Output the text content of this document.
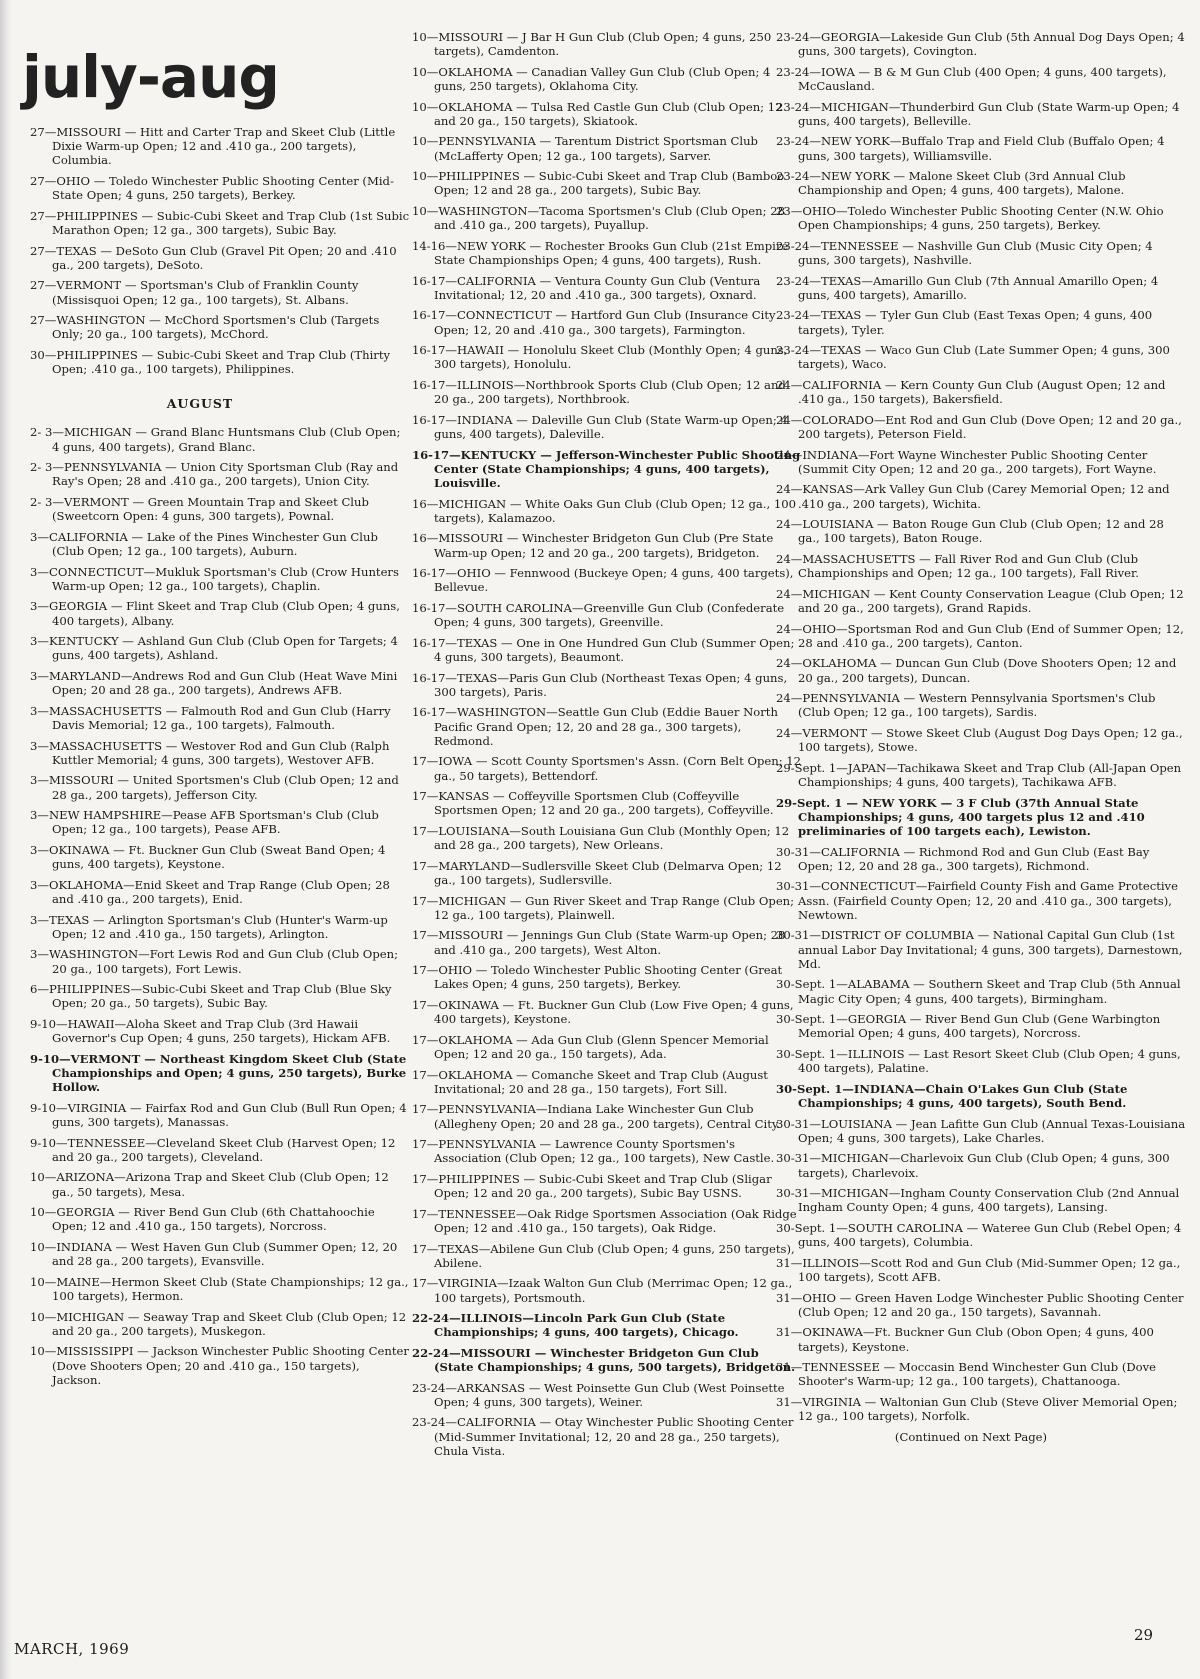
july-aug
27—MISSOURI — Hitt and Carter Trap and Skeet Club (Little Dixie Warm-up Open; 12 and .410 ga., 200 targets), Columbia.
27—OHIO — Toledo Winchester Public Shooting Center (Mid-State Open; 4 guns, 250 targets), Berkey.
27—PHILIPPINES — Subic-Cubi Skeet and Trap Club (1st Subic Marathon Open; 12 ga., 300 targets), Subic Bay.
27—TEXAS — DeSoto Gun Club (Gravel Pit Open; 20 and .410 ga., 200 targets), DeSoto.
27—VERMONT — Sportsman's Club of Franklin County (Missisquoi Open; 12 ga., 100 targets), St. Albans.
27—WASHINGTON — McChord Sportsmen's Club (Targets Only; 20 ga., 100 targets), McChord.
30—PHILIPPINES — Subic-Cubi Skeet and Trap Club (Thirty Open; .410 ga., 100 targets), Philippines.
AUGUST
2- 3—MICHIGAN — Grand Blanc Huntsmans Club (Club Open; 4 guns, 400 targets), Grand Blanc.
2- 3—PENNSYLVANIA — Union City Sportsman Club (Ray and Ray's Open; 28 and .410 ga., 200 targets), Union City.
2- 3—VERMONT — Green Mountain Trap and Skeet Club (Sweetcorn Open: 4 guns, 300 targets), Pownal.
3—CALIFORNIA — Lake of the Pines Winchester Gun Club (Club Open; 12 ga., 100 targets), Auburn.
3—CONNECTICUT—Mukluk Sportsman's Club (Crow Hunters Warm-up Open; 12 ga., 100 targets), Chaplin.
3—GEORGIA — Flint Skeet and Trap Club (Club Open; 4 guns, 400 targets), Albany.
3—KENTUCKY — Ashland Gun Club (Club Open for Targets; 4 guns, 400 targets), Ashland.
3—MARYLAND—Andrews Rod and Gun Club (Heat Wave Mini Open; 20 and 28 ga., 200 targets), Andrews AFB.
3—MASSACHUSETTS — Falmouth Rod and Gun Club (Harry Davis Memorial; 12 ga., 100 targets), Falmouth.
3—MASSACHUSETTS — Westover Rod and Gun Club (Ralph Kuttler Memorial; 4 guns, 300 targets), Westover AFB.
3—MISSOURI — United Sportsmen's Club (Club Open; 12 and 28 ga., 200 targets), Jefferson City.
3—NEW HAMPSHIRE—Pease AFB Sportsman's Club (Club Open; 12 ga., 100 targets), Pease AFB.
3—OKINAWA — Ft. Buckner Gun Club (Sweat Band Open; 4 guns, 400 targets), Keystone.
3—OKLAHOMA—Enid Skeet and Trap Range (Club Open; 28 and .410 ga., 200 targets), Enid.
3—TEXAS — Arlington Sportsman's Club (Hunter's Warm-up Open; 12 and .410 ga., 150 targets), Arlington.
3—WASHINGTON—Fort Lewis Rod and Gun Club (Club Open; 20 ga., 100 targets), Fort Lewis.
6—PHILIPPINES—Subic-Cubi Skeet and Trap Club (Blue Sky Open; 20 ga., 50 targets), Subic Bay.
9-10—HAWAII—Aloha Skeet and Trap Club (3rd Hawaii Governor's Cup Open; 4 guns, 250 targets), Hickam AFB.
9-10—VERMONT — Northeast Kingdom Skeet Club (State Championships and Open; 4 guns, 250 targets), Burke Hollow.
9-10—VIRGINIA — Fairfax Rod and Gun Club (Bull Run Open; 4 guns, 300 targets), Manassas.
9-10—TENNESSEE—Cleveland Skeet Club (Harvest Open; 12 and 20 ga., 200 targets), Cleveland.
10—ARIZONA—Arizona Trap and Skeet Club (Club Open; 12 ga., 50 targets), Mesa.
10—GEORGIA — River Bend Gun Club (6th Chattahoochie Open; 12 and .410 ga., 150 targets), Norcross.
10—INDIANA — West Haven Gun Club (Summer Open; 12, 20 and 28 ga., 200 targets), Evansville.
10—MAINE—Hermon Skeet Club (State Championships; 12 ga., 100 targets), Hermon.
10—MICHIGAN — Seaway Trap and Skeet Club (Club Open; 12 and 20 ga., 200 targets), Muskegon.
10—MISSISSIPPI — Jackson Winchester Public Shooting Center (Dove Shooters Open; 20 and .410 ga., 150 targets), Jackson.
10—MISSOURI — J Bar H Gun Club (Club Open; 4 guns, 250 targets), Camdenton.
10—OKLAHOMA — Canadian Valley Gun Club (Club Open; 4 guns, 250 targets), Oklahoma City.
10—OKLAHOMA — Tulsa Red Castle Gun Club (Club Open; 12 and 20 ga., 150 targets), Skiatook.
10—PENNSYLVANIA — Tarentum District Sportsman Club (McLafferty Open; 12 ga., 100 targets), Sarver.
10—PHILIPPINES — Subic-Cubi Skeet and Trap Club (Bamboo Open; 12 and 28 ga., 200 targets), Subic Bay.
10—WASHINGTON—Tacoma Sportsmen's Club (Club Open; 28 and .410 ga., 200 targets), Puyallup.
14-16—NEW YORK — Rochester Brooks Gun Club (21st Empire State Championships Open; 4 guns, 400 targets), Rush.
16-17—CALIFORNIA — Ventura County Gun Club (Ventura Invitational; 12, 20 and .410 ga., 300 targets), Oxnard.
16-17—CONNECTICUT — Hartford Gun Club (Insurance City Open; 12, 20 and .410 ga., 300 targets), Farmington.
16-17—HAWAII — Honolulu Skeet Club (Monthly Open; 4 guns, 300 targets), Honolulu.
16-17—ILLINOIS—Northbrook Sports Club (Club Open; 12 and 20 ga., 200 targets), Northbrook.
16-17—INDIANA — Daleville Gun Club (State Warm-up Open; 4 guns, 400 targets), Daleville.
16-17—KENTUCKY — Jefferson-Winchester Public Shooting Center (State Championships; 4 guns, 400 targets), Louisville.
16—MICHIGAN — White Oaks Gun Club (Club Open; 12 ga., 100 targets), Kalamazoo.
16—MISSOURI — Winchester Bridgeton Gun Club (Pre State Warm-up Open; 12 and 20 ga., 200 targets), Bridgeton.
16-17—OHIO — Fennwood (Buckeye Open; 4 guns, 400 targets), Bellevue.
16-17—SOUTH CAROLINA—Greenville Gun Club (Confederate Open; 4 guns, 300 targets), Greenville.
16-17—TEXAS — One in One Hundred Gun Club (Summer Open; 4 guns, 300 targets), Beaumont.
16-17—TEXAS—Paris Gun Club (Northeast Texas Open; 4 guns, 300 targets), Paris.
16-17—WASHINGTON—Seattle Gun Club (Eddie Bauer North Pacific Grand Open; 12, 20 and 28 ga., 300 targets), Redmond.
17—IOWA — Scott County Sportsmen's Assn. (Corn Belt Open; 12 ga., 50 targets), Bettendorf.
17—KANSAS — Coffeyville Sportsmen Club (Coffeyville Sportsmen Open; 12 and 20 ga., 200 targets), Coffeyville.
17—LOUISIANA—South Louisiana Gun Club (Monthly Open; 12 and 28 ga., 200 targets), New Orleans.
17—MARYLAND—Sudlersville Skeet Club (Delmarva Open; 12 ga., 100 targets), Sudlersville.
17—MICHIGAN — Gun River Skeet and Trap Range (Club Open; 12 ga., 100 targets), Plainwell.
17—MISSOURI — Jennings Gun Club (State Warm-up Open; 28 and .410 ga., 200 targets), West Alton.
17—OHIO — Toledo Winchester Public Shooting Center (Great Lakes Open; 4 guns, 250 targets), Berkey.
17—OKINAWA — Ft. Buckner Gun Club (Low Five Open; 4 guns, 400 targets), Keystone.
17—OKLAHOMA — Ada Gun Club (Glenn Spencer Memorial Open; 12 and 20 ga., 150 targets), Ada.
17—OKLAHOMA — Comanche Skeet and Trap Club (August Invitational; 20 and 28 ga., 150 targets), Fort Sill.
17—PENNSYLVANIA—Indiana Lake Winchester Gun Club (Allegheny Open; 20 and 28 ga., 200 targets), Central City.
17—PENNSYLVANIA — Lawrence County Sportsmen's Association (Club Open; 12 ga., 100 targets), New Castle.
17—PHILIPPINES — Subic-Cubi Skeet and Trap Club (Sligar Open; 12 and 20 ga., 200 targets), Subic Bay USNS.
17—TENNESSEE—Oak Ridge Sportsmen Association (Oak Ridge Open; 12 and .410 ga., 150 targets), Oak Ridge.
17—TEXAS—Abilene Gun Club (Club Open; 4 guns, 250 targets), Abilene.
17—VIRGINIA—Izaak Walton Gun Club (Merrimac Open; 12 ga., 100 targets), Portsmouth.
22-24—ILLINOIS—Lincoln Park Gun Club (State Championships; 4 guns, 400 targets), Chicago.
22-24—MISSOURI — Winchester Bridgeton Gun Club (State Championships; 4 guns, 500 targets), Bridgeton.
23-24—ARKANSAS — West Poinsette Gun Club (West Poinsette Open; 4 guns, 300 targets), Weiner.
23-24—CALIFORNIA — Otay Winchester Public Shooting Center (Mid-Summer Invitational; 12, 20 and 28 ga., 250 targets), Chula Vista.
23-24—GEORGIA—Lakeside Gun Club (5th Annual Dog Days Open; 4 guns, 300 targets), Covington.
23-24—IOWA — B & M Gun Club (400 Open; 4 guns, 400 targets), McCausland.
23-24—MICHIGAN—Thunderbird Gun Club (State Warm-up Open; 4 guns, 400 targets), Belleville.
23-24—NEW YORK—Buffalo Trap and Field Club (Buffalo Open; 4 guns, 300 targets), Williamsville.
23-24—NEW YORK — Malone Skeet Club (3rd Annual Club Championship and Open; 4 guns, 400 targets), Malone.
23—OHIO—Toledo Winchester Public Shooting Center (N.W. Ohio Open Championships; 4 guns, 250 targets), Berkey.
23-24—TENNESSEE — Nashville Gun Club (Music City Open; 4 guns, 300 targets), Nashville.
23-24—TEXAS—Amarillo Gun Club (7th Annual Amarillo Open; 4 guns, 400 targets), Amarillo.
23-24—TEXAS — Tyler Gun Club (East Texas Open; 4 guns, 400 targets), Tyler.
23-24—TEXAS — Waco Gun Club (Late Summer Open; 4 guns, 300 targets), Waco.
24—CALIFORNIA — Kern County Gun Club (August Open; 12 and .410 ga., 150 targets), Bakersfield.
24—COLORADO—Ent Rod and Gun Club (Dove Open; 12 and 20 ga., 200 targets), Peterson Field.
24—INDIANA—Fort Wayne Winchester Public Shooting Center (Summit City Open; 12 and 20 ga., 200 targets), Fort Wayne.
24—KANSAS—Ark Valley Gun Club (Carey Memorial Open; 12 and .410 ga., 200 targets), Wichita.
24—LOUISIANA — Baton Rouge Gun Club (Club Open; 12 and 28 ga., 100 targets), Baton Rouge.
24—MASSACHUSETTS — Fall River Rod and Gun Club (Club Championships and Open; 12 ga., 100 targets), Fall River.
24—MICHIGAN — Kent County Conservation League (Club Open; 12 and 20 ga., 200 targets), Grand Rapids.
24—OHIO—Sportsman Rod and Gun Club (End of Summer Open; 12, 28 and .410 ga., 200 targets), Canton.
24—OKLAHOMA — Duncan Gun Club (Dove Shooters Open; 12 and 20 ga., 200 targets), Duncan.
24—PENNSYLVANIA — Western Pennsylvania Sportsmen's Club (Club Open; 12 ga., 100 targets), Sardis.
24—VERMONT — Stowe Skeet Club (August Dog Days Open; 12 ga., 100 targets), Stowe.
29-Sept. 1—JAPAN—Tachikawa Skeet and Trap Club (All-Japan Open Championships; 4 guns, 400 targets), Tachikawa AFB.
29-Sept. 1 — NEW YORK — 3 F Club (37th Annual State Championships; 4 guns, 400 targets plus 12 and .410 preliminaries of 100 targets each), Lewiston.
30-31—CALIFORNIA — Richmond Rod and Gun Club (East Bay Open; 12, 20 and 28 ga., 300 targets), Richmond.
30-31—CONNECTICUT—Fairfield County Fish and Game Protective Assn. (Fairfield County Open; 12, 20 and .410 ga., 300 targets), Newtown.
30-31—DISTRICT OF COLUMBIA — National Capital Gun Club (1st annual Labor Day Invitational; 4 guns, 300 targets), Darnestown, Md.
30-Sept. 1—ALABAMA — Southern Skeet and Trap Club (5th Annual Magic City Open; 4 guns, 400 targets), Birmingham.
30-Sept. 1—GEORGIA — River Bend Gun Club (Gene Warbington Memorial Open; 4 guns, 400 targets), Norcross.
30-Sept. 1—ILLINOIS — Last Resort Skeet Club (Club Open; 4 guns, 400 targets), Palatine.
30-Sept. 1—INDIANA—Chain O'Lakes Gun Club (State Championships; 4 guns, 400 targets), South Bend.
30-31—LOUISIANA — Jean Lafitte Gun Club (Annual Texas-Louisiana Open; 4 guns, 300 targets), Lake Charles.
30-31—MICHIGAN—Charlevoix Gun Club (Club Open; 4 guns, 300 targets), Charlevoix.
30-31—MICHIGAN—Ingham County Conservation Club (2nd Annual Ingham County Open; 4 guns, 400 targets), Lansing.
30-Sept. 1—SOUTH CAROLINA — Wateree Gun Club (Rebel Open; 4 guns, 400 targets), Columbia.
31—ILLINOIS—Scott Rod and Gun Club (Mid-Summer Open; 12 ga., 100 targets), Scott AFB.
31—OHIO — Green Haven Lodge Winchester Public Shooting Center (Club Open; 12 and 20 ga., 150 targets), Savannah.
31—OKINAWA—Ft. Buckner Gun Club (Obon Open; 4 guns, 400 targets), Keystone.
31—TENNESSEE — Moccasin Bend Winchester Gun Club (Dove Shooter's Warm-up; 12 ga., 100 targets), Chattanooga.
31—VIRGINIA — Waltonian Gun Club (Steve Oliver Memorial Open; 12 ga., 100 targets), Norfolk.
(Continued on Next Page)
MARCH, 1969
29
